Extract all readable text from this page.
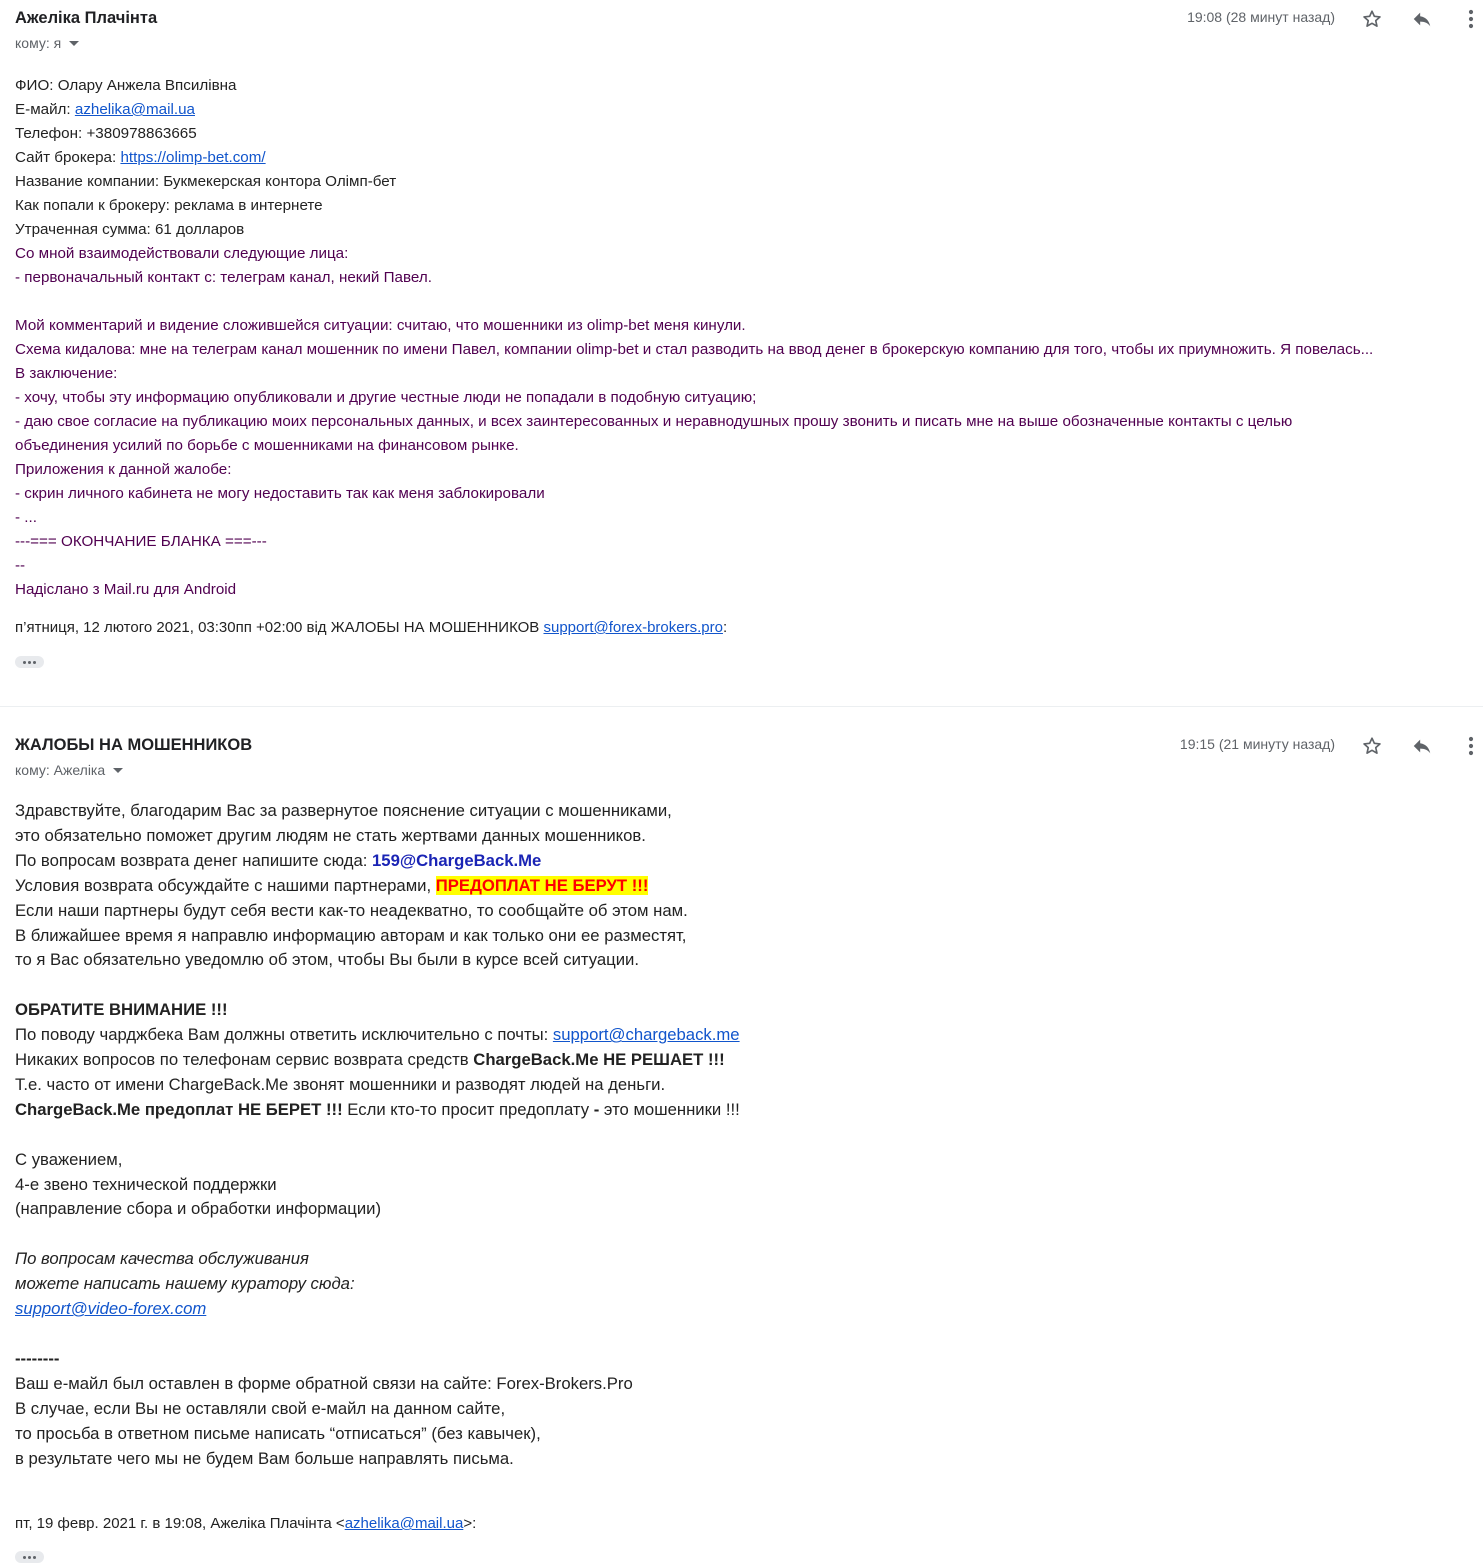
Ажеліка Плачінта
кому: я
19:08 (28 минут назад)
ФИО: Олару Анжела Впсилівна
E-майл: azhelika@mail.ua
Телефон: +380978863665
Сайт брокера: https://olimp-bet.com/
Название компании: Букмекерская контора Олімп-бет
Как попали к брокеру: реклама в интернете
Утраченная сумма: 61 долларов
Со мной взаимодействовали следующие лица:
- первоначальный контакт с: телеграм канал, некий Павел.
Мой комментарий и видение сложившейся ситуации: считаю, что мошенники из olimp-bet меня кинули.
Схема кидалова: мне на телеграм канал мошенник по имени Павел, компании olimp-bet и стал разводить на ввод денег в брокерскую компанию для того, чтобы их приумножить. Я повелась...
В заключение:
- хочу, чтобы эту информацию опубликовали и другие честные люди не попадали в подобную ситуацию;
- даю свое согласие на публикацию моих персональных данных, и всех заинтересованных и неравнодушных прошу звонить и писать мне на выше обозначенные контакты с целью
объединения усилий по борьбе с мошенниками на финансовом рынке.
Приложения к данной жалобе:
- скрин личного кабинета не могу недоставить так как меня заблокировали
- ...
---=== ОКОНЧАНИЕ БЛАНКА ===---
--
Надіслано з Mail.ru для Android
п’ятниця, 12 лютого 2021, 03:30пп +02:00 від ЖАЛОБЫ НА МОШЕННИКОВ support@forex-brokers.pro:
ЖАЛОБЫ НА МОШЕННИКОВ
кому: Ажеліка
19:15 (21 минуту назад)
Здравствуйте, благодарим Вас за развернутое пояснение ситуации с мошенниками,
это обязательно поможет другим людям не стать жертвами данных мошенников.
По вопросам возврата денег напишите сюда: 159@ChargeBack.Me
Условия возврата обсуждайте с нашими партнерами, ПРЕДОПЛАТ НЕ БЕРУТ !!!
Если наши партнеры будут себя вести как-то неадекватно, то сообщайте об этом нам.
В ближайшее время я направлю информацию авторам и как только они ее разместят,
то я Вас обязательно уведомлю об этом, чтобы Вы были в курсе всей ситуации.
ОБРАТИТЕ ВНИМАНИЕ !!!
По поводу чарджбека Вам должны ответить исключительно с почты: support@chargeback.me
Никаких вопросов по телефонам сервис возврата средств ChargeBack.Me НЕ РЕШАЕТ !!!
Т.е. часто от имени ChargeBack.Me звонят мошенники и разводят людей на деньги.
ChargeBack.Me предоплат НЕ БЕРЕТ !!! Если кто-то просит предоплату - это мошенники !!!
С уважением,
4-е звено технической поддержки
(направление сбора и обработки информации)
По вопросам качества обслуживания
можете написать нашему куратору сюда:
support@video-forex.com
--------
Ваш е-майл был оставлен в форме обратной связи на сайте: Forex-Brokers.Pro
В случае, если Вы не оставляли свой е-майл на данном сайте,
то просьба в ответном письме написать “отписаться” (без кавычек),
в результате чего мы не будем Вам больше направлять письма.
пт, 19 февр. 2021 г. в 19:08, Ажеліка Плачінта <azhelika@mail.ua>:
